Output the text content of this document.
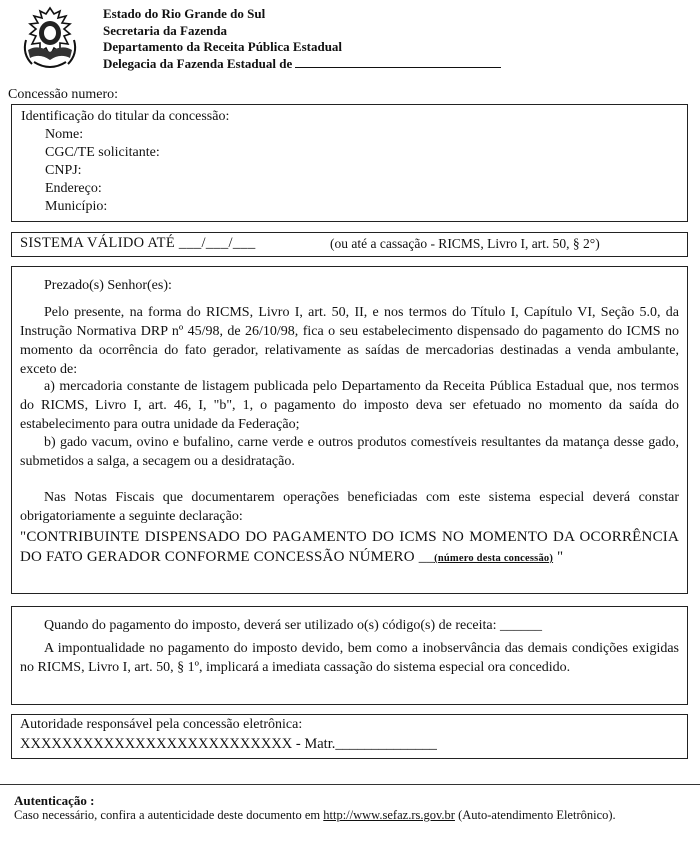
Estado do Rio Grande do Sul
Secretaria da Fazenda
Departamento da Receita Pública Estadual
Delegacia da Fazenda Estadual de
Concessão numero:
Identificação do titular da concessão:
Nome:
CGC/TE solicitante:
CNPJ:
Endereço:
Município:
SISTEMA VÁLIDO ATÉ ___/___/___	(ou até a cassação - RICMS, Livro I, art. 50, § 2°)
Prezado(s) Senhor(es):
Pelo presente, na forma do RICMS, Livro I, art. 50, II, e nos termos do Título I, Capítulo VI, Seção 5.0, da Instrução Normativa DRP nº 45/98, de 26/10/98, fica o seu estabelecimento dispensado do pagamento do ICMS no momento da ocorrência do fato gerador, relativamente as saídas de mercadorias destinadas a venda ambulante, exceto de:
a) mercadoria constante de listagem publicada pelo Departamento da Receita Pública Estadual que, nos termos do RICMS, Livro I, art. 46, I, "b", 1, o pagamento do imposto deva ser efetuado no momento da saída do estabelecimento para outra unidade da Federação;
b) gado vacum, ovino e bufalino, carne verde e outros produtos comestíveis resultantes da matança desse gado, submetidos a salga, a secagem ou a desidratação.
Nas Notas Fiscais que documentarem operações beneficiadas com este sistema especial deverá constar obrigatoriamente a seguinte declaração:
"CONTRIBUINTE DISPENSADO DO PAGAMENTO DO ICMS NO MOMENTO DA OCORRÊNCIA DO FATO GERADOR CONFORME CONCESSÃO NÚMERO __(número desta concessão) "
Quando do pagamento do imposto, deverá ser utilizado o(s) código(s) de receita: ______
A impontualidade no pagamento do imposto devido, bem como a inobservância das demais condições exigidas no RICMS, Livro I, art. 50, § 1º, implicará a imediata cassação do sistema especial ora concedido.
Autoridade responsável pela concessão eletrônica:
XXXXXXXXXXXXXXXXXXXXXXXXXX - Matr.______________
Autenticação :
Caso necessário, confira a autenticidade deste documento em http://www.sefaz.rs.gov.br (Auto-atendimento Eletrônico).
